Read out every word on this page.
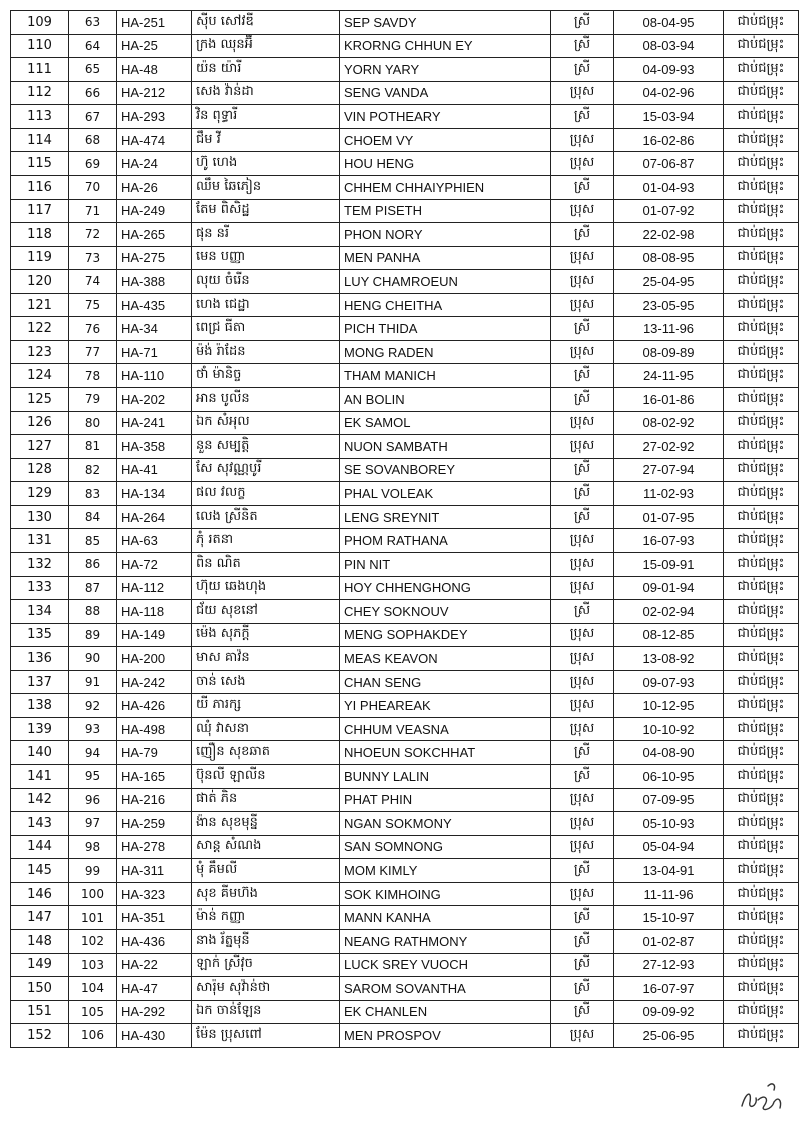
109	63	HA-251	ស៊ីប សៅវឌី	SEP SAVDY	ស្រី	08-04-95	ជាប់ជម្រុះ
110	64	HA-25	ក្រង ឈុនអ៊ី	KRORNG CHHUN EY	ស្រី	08-03-94	ជាប់ជម្រុះ
111	65	HA-48	យ៉ន យ៉ារី	YORN YARY	ស្រី	04-09-93	ជាប់ជម្រុះ
112	66	HA-212	សេង វ៉ាន់ដា	SENG VANDA	ប្រុស	04-02-96	ជាប់ជម្រុះ
113	67	HA-293	វិន ពុទ្ធារី	VIN POTHEARY	ស្រី	15-03-94	ជាប់ជម្រុះ
114	68	HA-474	ជឹម វី	CHOEM VY	ប្រុស	16-02-86	ជាប់ជម្រុះ
115	69	HA-24	ហ៊ូ ហេង	HOU HENG	ប្រុស	07-06-87	ជាប់ជម្រុះ
116	70	HA-26	ឈឹម ឆៃភៀន	CHHEM CHHAIYPHIEN	ស្រី	01-04-93	ជាប់ជម្រុះ
117	71	HA-249	តែម ពិសិដ្ឋ	TEM PISETH	ប្រុស	01-07-92	ជាប់ជម្រុះ
118	72	HA-265	ផុន នរី	PHON NORY	ស្រី	22-02-98	ជាប់ជម្រុះ
119	73	HA-275	មេន បញ្ញា	MEN PANHA	ប្រុស	08-08-95	ជាប់ជម្រុះ
120	74	HA-388	លុយ ចំរើន	LUY CHAMROEUN	ប្រុស	25-04-95	ជាប់ជម្រុះ
121	75	HA-435	ហេង ជេដ្ឋា	HENG CHEITHA	ប្រុស	23-05-95	ជាប់ជម្រុះ
122	76	HA-34	ពេជ្រ ធីតា	PICH THIDA	ស្រី	13-11-96	ជាប់ជម្រុះ
123	77	HA-71	ម៉ង់ រ៉ាដែន	MONG RADEN	ប្រុស	08-09-89	ជាប់ជម្រុះ
124	78	HA-110	ថាំ ម៉ានិច្ច	THAM MANICH	ស្រី	24-11-95	ជាប់ជម្រុះ
125	79	HA-202	អាន បូលីន	AN BOLIN	ស្រី	16-01-86	ជាប់ជម្រុះ
126	80	HA-241	ឯក សំអុល	EK SAMOL	ប្រុស	08-02-92	ជាប់ជម្រុះ
127	81	HA-358	នួន សម្បត្តិ	NUON SAMBATH	ប្រុស	27-02-92	ជាប់ជម្រុះ
128	82	HA-41	សែ សុវណ្ណបូរី	SE SOVANBOREY	ស្រី	27-07-94	ជាប់ជម្រុះ
129	83	HA-134	ផល វលក្ខ	PHAL VOLEAK	ស្រី	11-02-93	ជាប់ជម្រុះ
130	84	HA-264	លេង ស្រីនិត	LENG SREYNIT	ស្រី	01-07-95	ជាប់ជម្រុះ
131	85	HA-63	ភុំ រតនា	PHOM RATHANA	ប្រុស	16-07-93	ជាប់ជម្រុះ
132	86	HA-72	ពិន ណិត	PIN NIT	ប្រុស	15-09-91	ជាប់ជម្រុះ
133	87	HA-112	ហ៊ុយ ឆេងហុង	HOY CHHENGHONG	ប្រុស	09-01-94	ជាប់ជម្រុះ
134	88	HA-118	ជ័យ សុខនៅ	CHEY SOKNOUV	ស្រី	02-02-94	ជាប់ជម្រុះ
135	89	HA-149	ម៉េង សុភក្តី	MENG SOPHAKDEY	ប្រុស	08-12-85	ជាប់ជម្រុះ
136	90	HA-200	មាស គាវ៉ន	MEAS KEAVON	ប្រុស	13-08-92	ជាប់ជម្រុះ
137	91	HA-242	ចាន់ សេង	CHAN SENG	ប្រុស	09-07-93	ជាប់ជម្រុះ
138	92	HA-426	យី ភារក្ស	YI PHEAREAK	ប្រុស	10-12-95	ជាប់ជម្រុះ
139	93	HA-498	ឈុំ វាសនា	CHHUM VEASNA	ប្រុស	10-10-92	ជាប់ជម្រុះ
140	94	HA-79	ញឿន សុខឆាត	NHOEUN SOKCHHAT	ស្រី	04-08-90	ជាប់ជម្រុះ
141	95	HA-165	ប៊ុនលី ឡាលីន	BUNNY LALIN	ស្រី	06-10-95	ជាប់ជម្រុះ
142	96	HA-216	ផាត់ ភិន	PHAT PHIN	ប្រុស	07-09-95	ជាប់ជម្រុះ
143	97	HA-259	ង៉ាន សុខមុន្នី	NGAN SOKMONY	ប្រុស	05-10-93	ជាប់ជម្រុះ
144	98	HA-278	សាន្ត សំណង	SAN SOMNONG	ប្រុស	05-04-94	ជាប់ជម្រុះ
145	99	HA-311	មុំ គឹមលី	MOM KIMLY	ស្រី	13-04-91	ជាប់ជម្រុះ
146	100	HA-323	សុខ គីមហ៊ង	SOK KIMHOING	ប្រុស	11-11-96	ជាប់ជម្រុះ
147	101	HA-351	ម៉ាន់ កញ្ញា	MANN KANHA	ស្រី	15-10-97	ជាប់ជម្រុះ
148	102	HA-436	នាង រ័ត្នមុនី	NEANG RATHMONY	ស្រី	01-02-87	ជាប់ជម្រុះ
149	103	HA-22	ឡាក់ ស្រីវុច	LUCK SREY VUOCH	ស្រី	27-12-93	ជាប់ជម្រុះ
150	104	HA-47	សារ៉ុម សុវ៉ាន់ថា	SAROM SOVANTHA	ស្រី	16-07-97	ជាប់ជម្រុះ
151	105	HA-292	ឯក ចាន់ឡែន	EK CHANLEN	ស្រី	09-09-92	ជាប់ជម្រុះ
152	106	HA-430	ម៉ែន ប្រុសពៅ	MEN PROSPOV	ប្រុស	25-06-95	ជាប់ជម្រុះ
